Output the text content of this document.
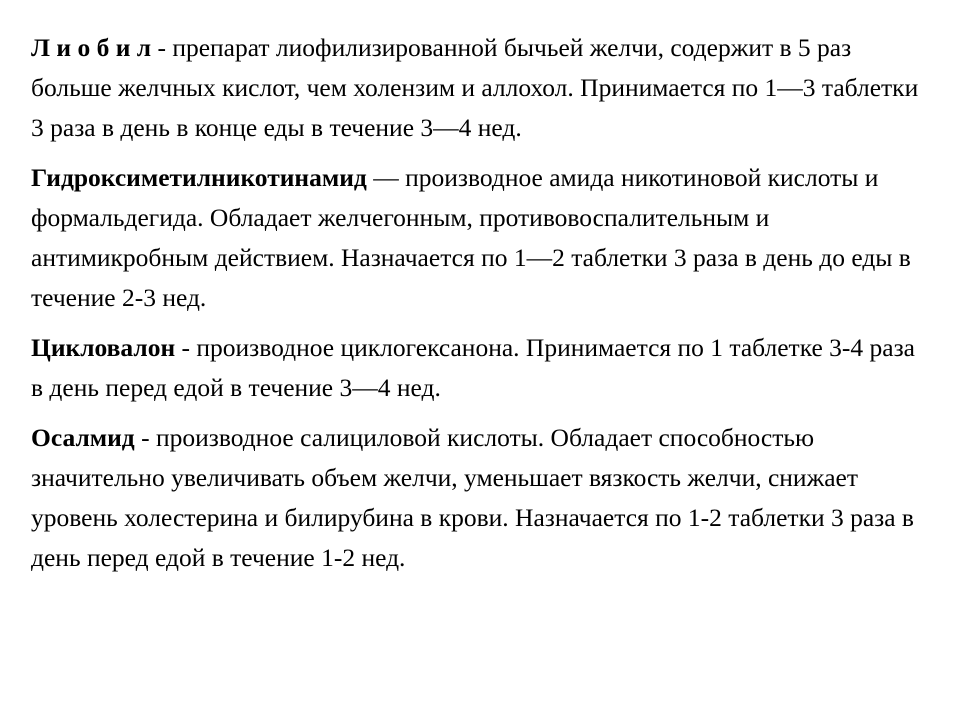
Л и о б и л - препарат лиофилизированной бычьей желчи, содержит в 5 раз больше желчных кислот, чем холензим и аллохол. Принимается по 1—3 таблетки 3 раза в день в конце еды в течение 3—4 нед.

Гидроксиметилникотинамид — производное амида никотиновой кислоты и формальдегида. Обладает желчегонным, противовоспалительным и антимикробным действием. Назначается по 1—2 таблетки 3 раза в день до еды в течение 2-3 нед.

Цикловалон - производное циклогексанона. Принимается по 1 таблетке 3-4 раза в день перед едой в течение 3—4 нед.

Осалмид - производное салициловой кислоты. Обладает способностью значительно увеличивать объем желчи, уменьшает вязкость желчи, снижает уровень холестерина и билирубина в крови. Назначается по 1-2 таблетки 3 раза в день перед едой в течение 1-2 нед.
